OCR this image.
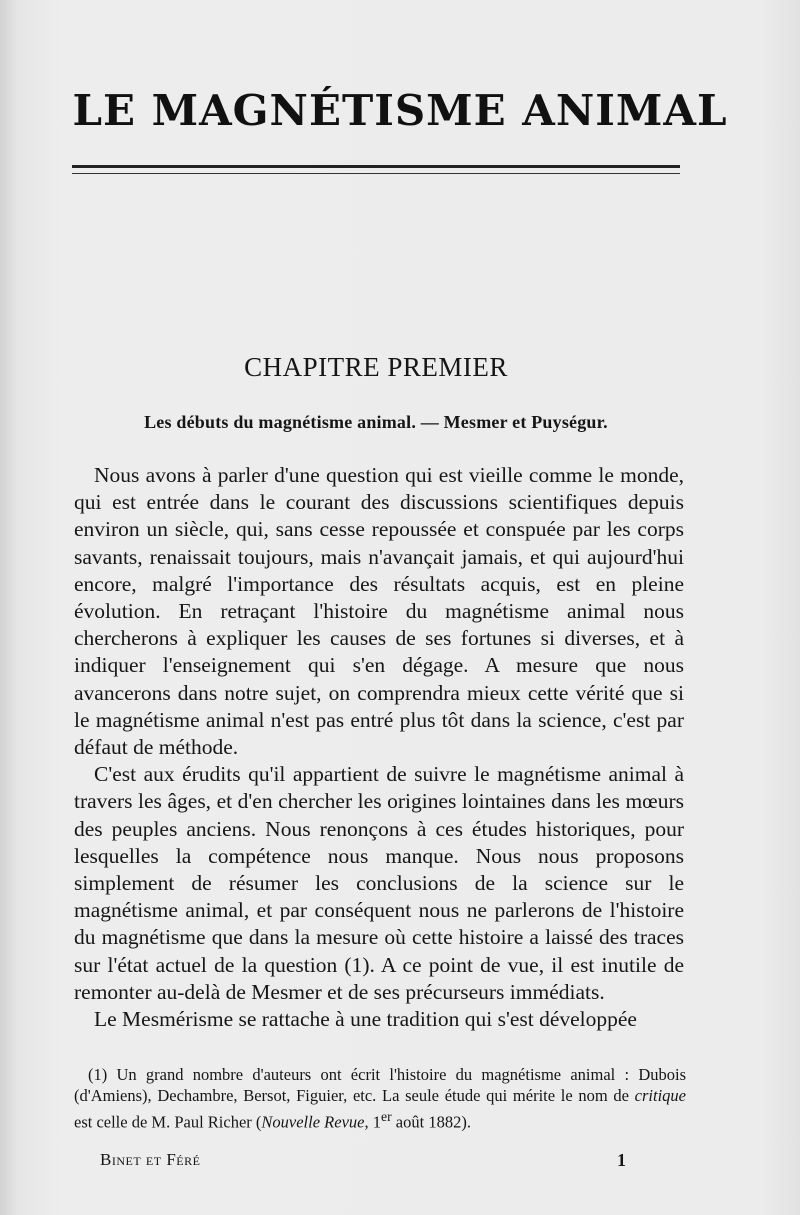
LE MAGNÉTISME ANIMAL
CHAPITRE PREMIER
Les débuts du magnétisme animal. — Mesmer et Puységur.

Nous avons à parler d'une question qui est vieille comme le monde, qui est entrée dans le courant des discussions scientifiques depuis environ un siècle, qui, sans cesse repoussée et conspuée par les corps savants, renaissait toujours, mais n'avançait jamais, et qui aujourd'hui encore, malgré l'importance des résultats acquis, est en pleine évolution. En retraçant l'histoire du magnétisme animal nous chercherons à expliquer les causes de ses fortunes si diverses, et à indiquer l'enseignement qui s'en dégage. A mesure que nous avancerons dans notre sujet, on comprendra mieux cette vérité que si le magnétisme animal n'est pas entré plus tôt dans la science, c'est par défaut de méthode.

C'est aux érudits qu'il appartient de suivre le magnétisme animal à travers les âges, et d'en chercher les origines lointaines dans les mœurs des peuples anciens. Nous renonçons à ces études historiques, pour lesquelles la compétence nous manque. Nous nous proposons simplement de résumer les conclusions de la science sur le magnétisme animal, et par conséquent nous ne parlerons de l'histoire du magnétisme que dans la mesure où cette histoire a laissé des traces sur l'état actuel de la question (1). A ce point de vue, il est inutile de remonter au-delà de Mesmer et de ses précurseurs immédiats.

Le Mesmérisme se rattache à une tradition qui s'est développée

(1) Un grand nombre d'auteurs ont écrit l'histoire du magnétisme animal : Dubois (d'Amiens), Dechambre, Bersot, Figuier, etc. La seule étude qui mérite le nom de critique est celle de M. Paul Richer (Nouvelle Revue, 1er août 1882).

Binet et Féré	1
